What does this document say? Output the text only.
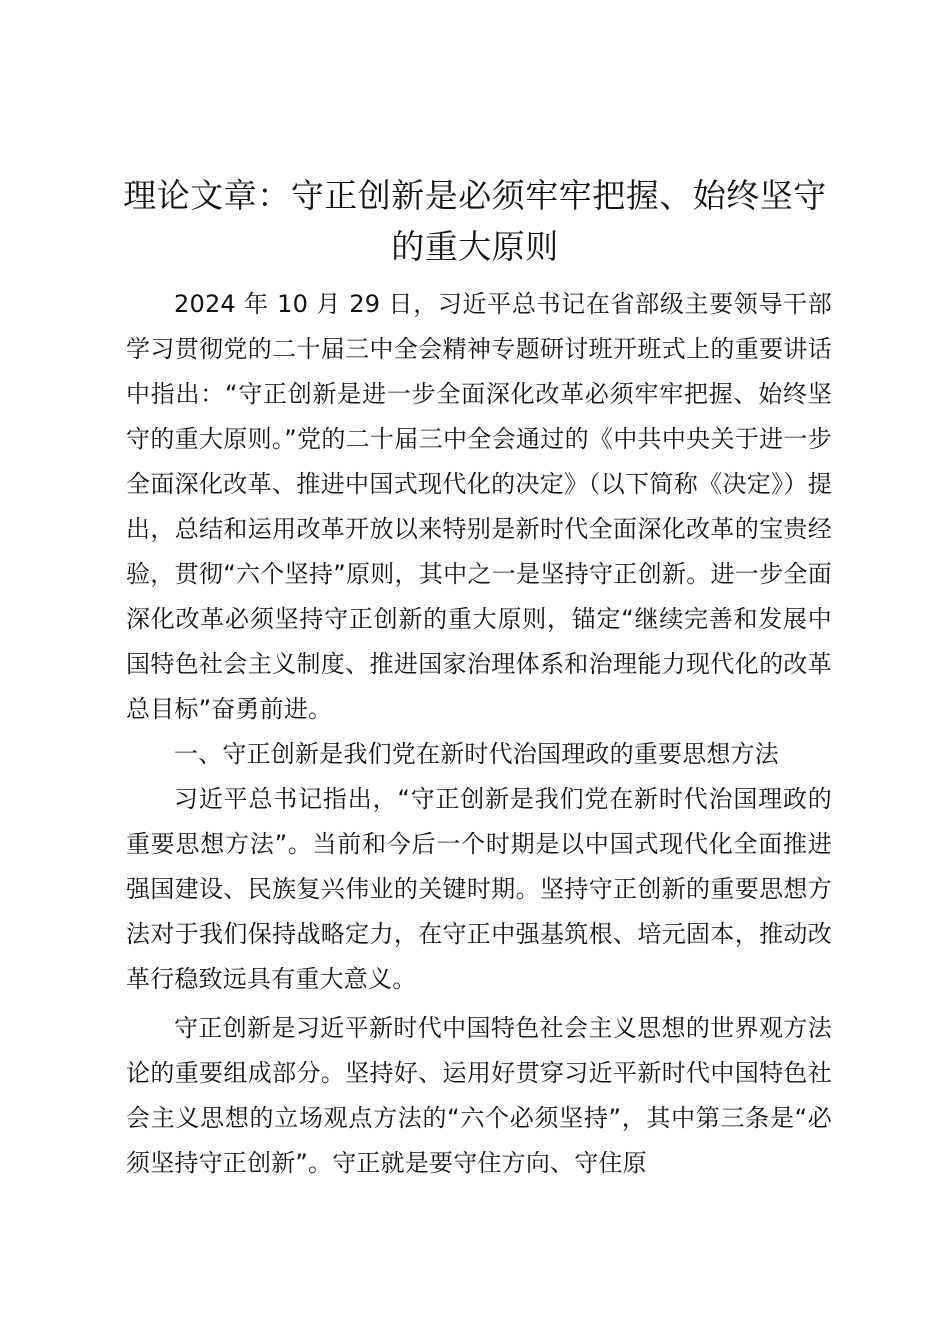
理论文章：守正创新是必须牢牢把握、始终坚守的重大原则

2024 年 10 月 29 日，习近平总书记在省部级主要领导干部学习贯彻党的二十届三中全会精神专题研讨班开班式上的重要讲话中指出：“守正创新是进一步全面深化改革必须牢牢把握、始终坚守的重大原则。”党的二十届三中全会通过的《中共中央关于进一步全面深化改革、推进中国式现代化的决定》（以下简称《决定》）提出，总结和运用改革开放以来特别是新时代全面深化改革的宝贵经验，贯彻“六个坚持”原则，其中之一是坚持守正创新。进一步全面深化改革必须坚持守正创新的重大原则，锚定“继续完善和发展中国特色社会主义制度、推进国家治理体系和治理能力现代化的改革总目标”奋勇前进。

一、守正创新是我们党在新时代治国理政的重要思想方法

习近平总书记指出，“守正创新是我们党在新时代治国理政的重要思想方法”。当前和今后一个时期是以中国式现代化全面推进强国建设、民族复兴伟业的关键时期。坚持守正创新的重要思想方法对于我们保持战略定力，在守正中强基筑根、培元固本，推动改革行稳致远具有重大意义。

守正创新是习近平新时代中国特色社会主义思想的世界观方法论的重要组成部分。坚持好、运用好贯穿习近平新时代中国特色社会主义思想的立场观点方法的“六个必须坚持”，其中第三条是“必须坚持守正创新”。守正就是要守住方向、守住原
